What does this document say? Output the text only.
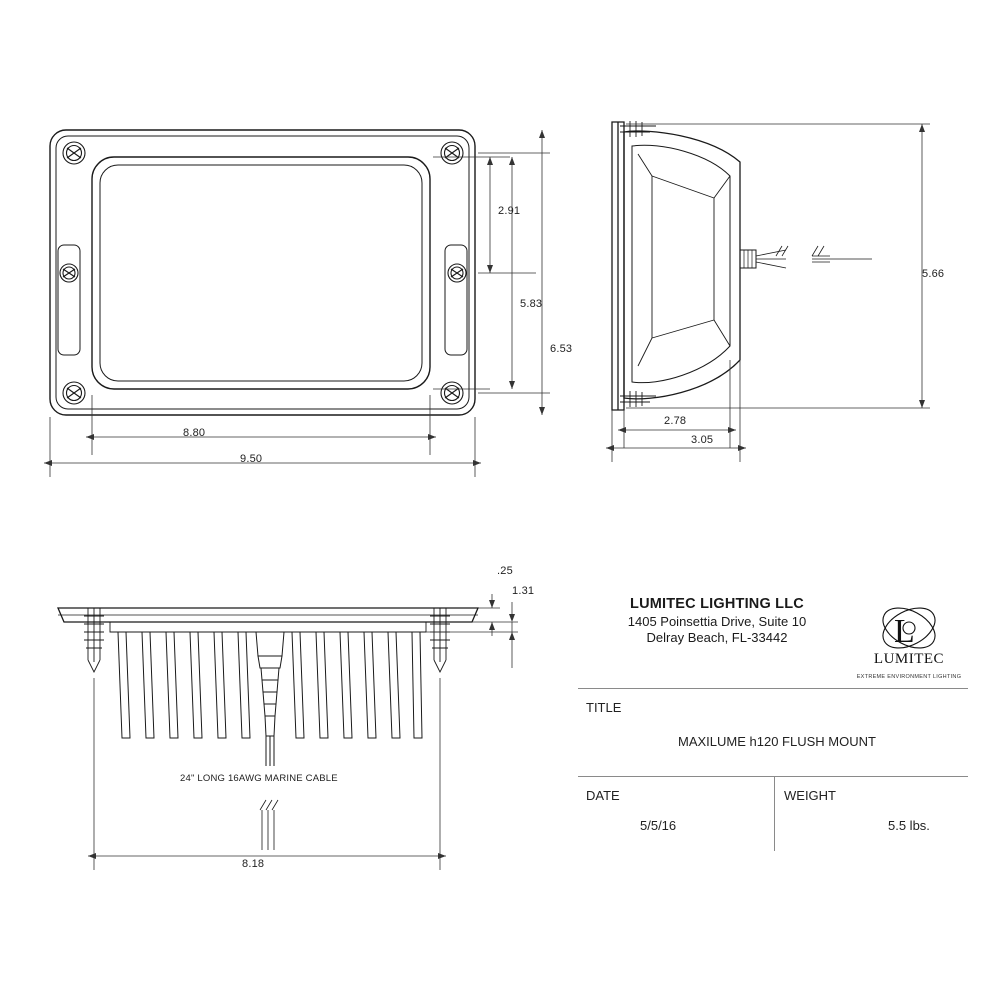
2.91
5.83
6.53
8.80
9.50
5.66
2.78
3.05
.25
1.31
8.18
24" LONG 16AWG MARINE CABLE
LUMITEC LIGHTING LLC
1405 Poinsettia Drive, Suite 10
Delray Beach, FL-33442	L
LUMITEC
EXTREME ENVIRONMENT LIGHTING
TITLE
MAXILUME h120 FLUSH MOUNT
DATE
5/5/16
WEIGHT
5.5 lbs.
